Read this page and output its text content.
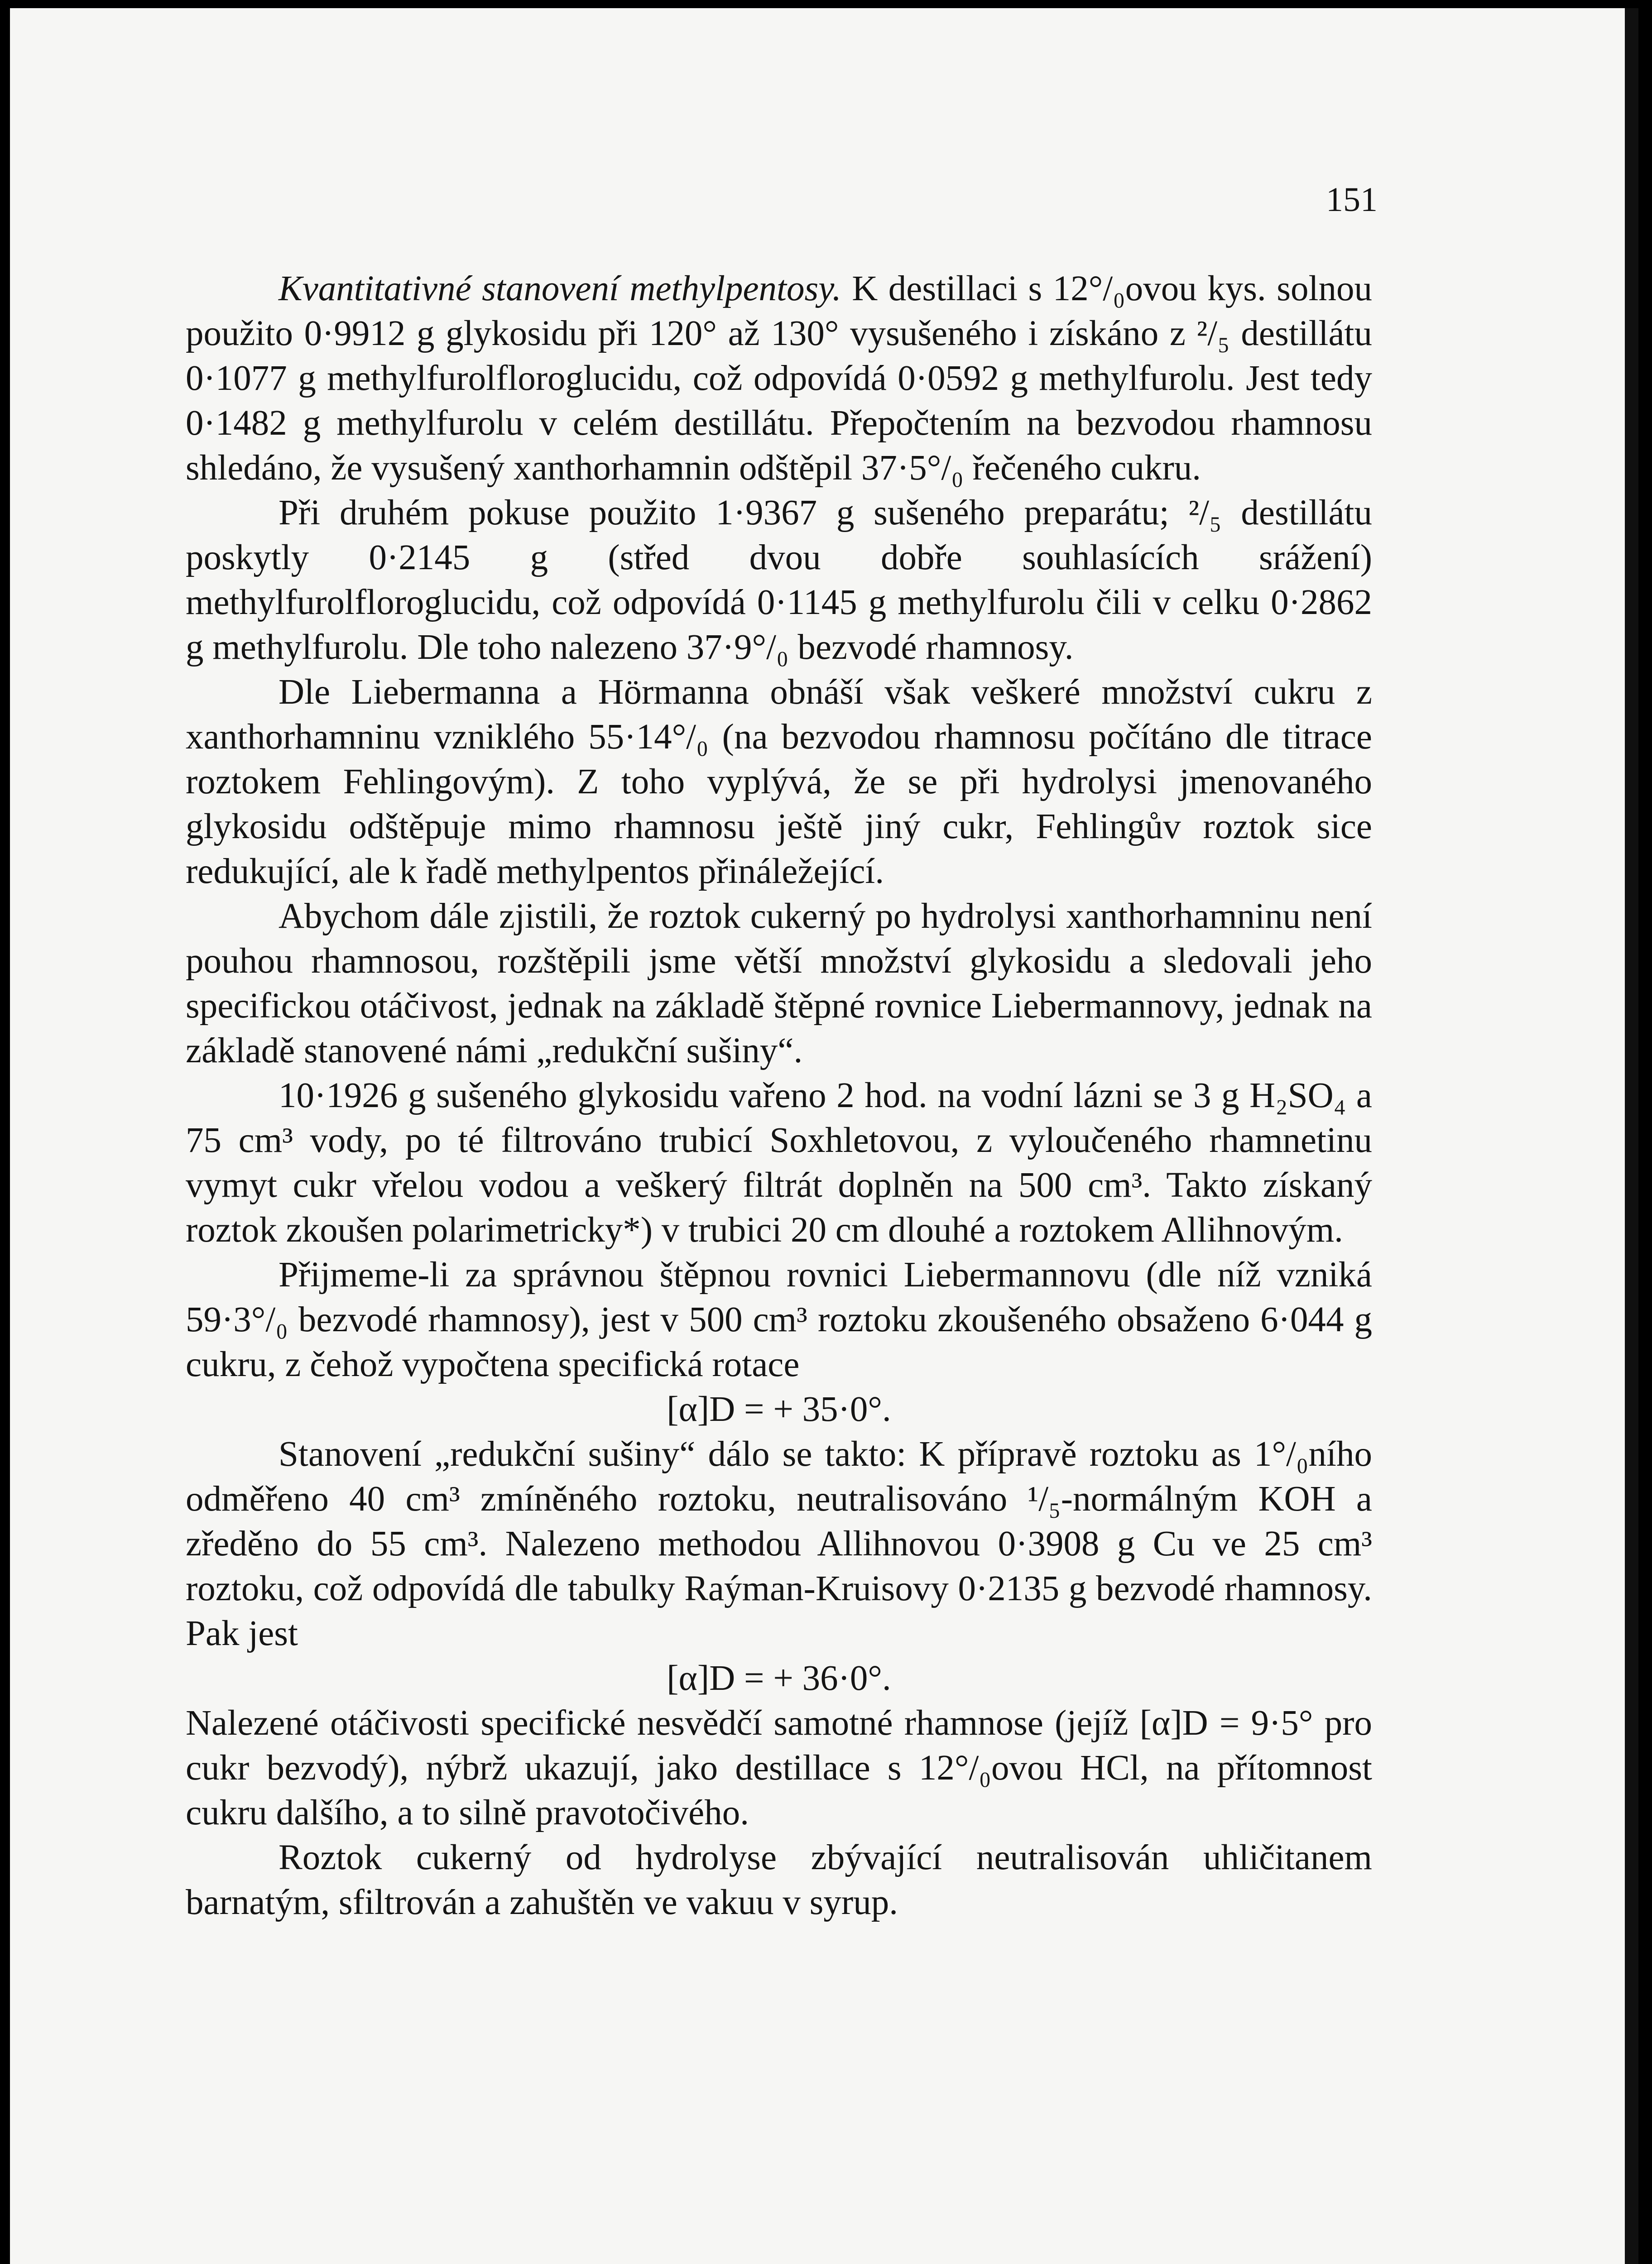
151

Kvantitativné stanovení methylpentosy. K destillaci s 12°/₀ovou kys. solnou použito 0·9912 g glykosidu při 120° až 130° vysušeného i získáno z ²/₅ destillátu 0·1077 g methylfurolfloroglucidu, což odpovídá 0·0592 g methylfurolu. Jest tedy 0·1482 g methylfurolu v celém destillátu. Přepočtením na bezvodou rhamnosu shledáno, že vysušený xanthorhamnin odštěpil 37·5°/₀ řečeného cukru.

Při druhém pokuse použito 1·9367 g sušeného preparátu; ²/₅ destillátu poskytly 0·2145 g (střed dvou dobře souhlasících srážení) methylfurolfloroglucidu, což odpovídá 0·1145 g methylfurolu čili v celku 0·2862 g methylfurolu. Dle toho nalezeno 37·9°/₀ bezvodé rhamnosy.

Dle Liebermanna a Hörmanna obnáší však veškeré množství cukru z xanthorhamninu vzniklého 55·14°/₀ (na bezvodou rhamnosu počítáno dle titrace roztokem Fehlingovým). Z toho vyplývá, že se při hydrolysi jmenovaného glykosidu odštěpuje mimo rhamnosu ještě jiný cukr, Fehlingův roztok sice redukující, ale k řadě methylpentos přináležející.

Abychom dále zjistili, že roztok cukerný po hydrolysi xanthorhamninu není pouhou rhamnosou, rozštěpili jsme větší množství glykosidu a sledovali jeho specifickou otáčivost, jednak na základě štěpné rovnice Liebermannovy, jednak na základě stanovené námi „redukční sušiny“.

10·1926 g sušeného glykosidu vařeno 2 hod. na vodní lázni se 3 g H₂SO₄ a 75 cm³ vody, po té filtrováno trubicí Soxhletovou, z vyloučeného rhamnetinu vymyt cukr vřelou vodou a veškerý filtrát doplněn na 500 cm³. Takto získaný roztok zkoušen polarimetricky*) v trubici 20 cm dlouhé a roztokem Allihnovým.

Přijmeme-li za správnou štěpnou rovnici Liebermannovu (dle níž vzniká 59·3°/₀ bezvodé rhamnosy), jest v 500 cm³ roztoku zkoušeného obsaženo 6·044 g cukru, z čehož vypočtena specifická rotace

[α]D = + 35·0°.

Stanovení „redukční sušiny“ dálo se takto: K přípravě roztoku as 1°/₀ního odměřeno 40 cm³ zmíněného roztoku, neutralisováno ¹/₅-normálným KOH a zředěno do 55 cm³. Nalezeno methodou Allihnovou 0·3908 g Cu ve 25 cm³ roztoku, což odpovídá dle tabulky Raýman-Kruisovy 0·2135 g bezvodé rhamnosy. Pak jest

[α]D = + 36·0°.

Nalezené otáčivosti specifické nesvědčí samotné rhamnose (jejíž [α]D = 9·5° pro cukr bezvodý), nýbrž ukazují, jako destillace s 12°/₀ovou HCl, na přítomnost cukru dalšího, a to silně pravotočivého.

Roztok cukerný od hydrolyse zbývající neutralisován uhličitanem barnatým, sfiltrován a zahuštěn ve vakuu v syrup.
